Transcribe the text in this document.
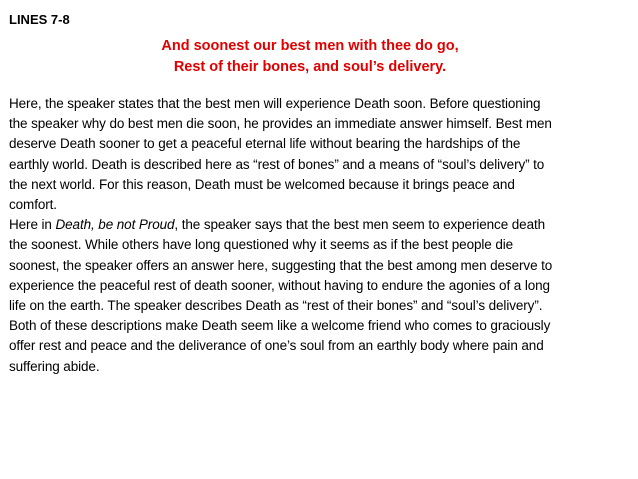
LINES 7-8
And soonest our best men with thee do go,
Rest of their bones, and soul’s delivery.
Here, the speaker states that the best men will experience Death soon. Before questioning
the speaker why do best men die soon, he provides an immediate answer himself. Best men
deserve Death sooner to get a peaceful eternal life without bearing the hardships of the
earthly world. Death is described here as “rest of bones” and a means of “soul’s delivery” to
the next world. For this reason, Death must be welcomed because it brings peace and
comfort.
Here in Death, be not Proud, the speaker says that the best men seem to experience death
the soonest. While others have long questioned why it seems as if the best people die
soonest, the speaker offers an answer here, suggesting that the best among men deserve to
experience the peaceful rest of death sooner, without having to endure the agonies of a long
life on the earth. The speaker describes Death as “rest of their bones” and “soul’s delivery”.
Both of these descriptions make Death seem like a welcome friend who comes to graciously
offer rest and peace and the deliverance of one’s soul from an earthly body where pain and
suffering abide.
